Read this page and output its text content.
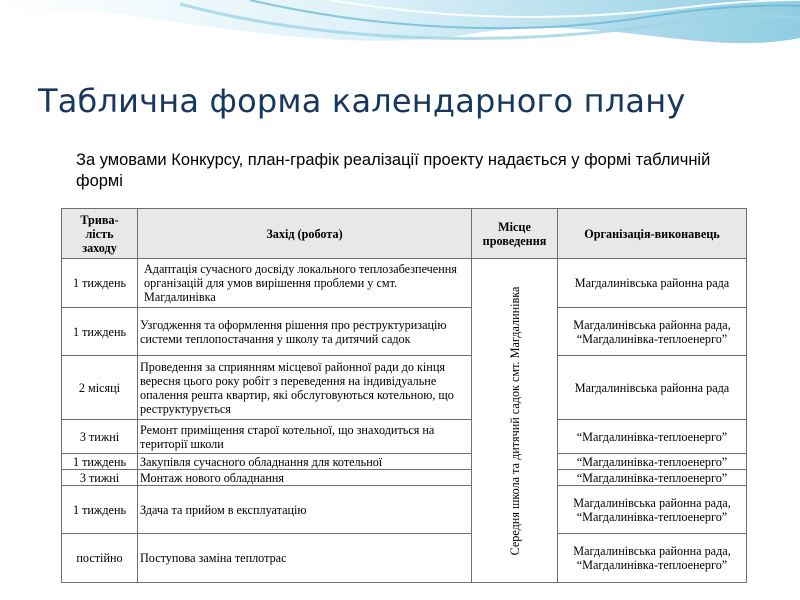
Таблична форма календарного плану
За умовами Конкурсу, план-графік реалізації проекту надається у формі табличній формі
Трива-
лість
заходу	Захід (робота)	Місце проведення	Організація-виконавець
1 тиждень	Адаптація сучасного досвіду локального теплозабезпечення організацій для умов вирішення проблеми у смт. Магдалинівка	Середня школа та дитячий садок смт. Магдалинівка	Магдалинівська районна рада
1 тиждень	Узгодження та оформлення рішення про реструктуризацію системи теплопостачання у школу та дитячий садок		Магдалинівська районна рада, “Магдалинівка-теплоенерго”
2 місяці	Проведення за сприянням місцевої районної ради до кінця вересня цього року робіт з переведення на індивідуальне опалення решта квартир, які обслуговуються котельною, що реструктурується		Магдалинівська районна рада
3 тижні	Ремонт приміщення старої котельної, що знаходиться на території школи		“Магдалинівка-теплоенерго”
1 тиждень	Закупівля сучасного обладнання для котельної		“Магдалинівка-теплоенерго”
3 тижні	Монтаж нового обладнання		“Магдалинівка-теплоенерго”
1 тиждень	Здача та прийом в експлуатацію		Магдалинівська районна рада, “Магдалинівка-теплоенерго”
постійно	Поступова заміна теплотрас		Магдалинівська районна рада, “Магдалинівка-теплоенерго”
